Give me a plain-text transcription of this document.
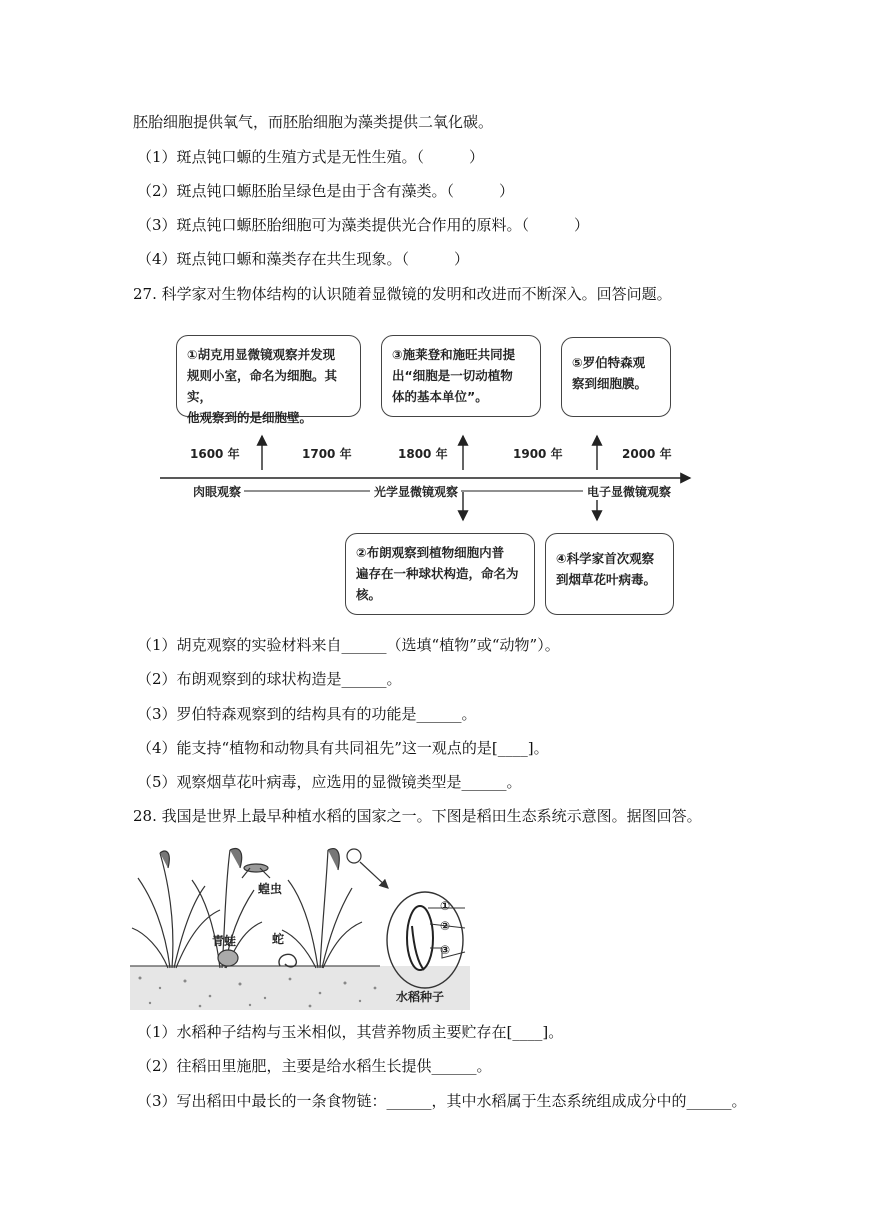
胚胎细胞提供氧气，而胚胎细胞为藻类提供二氧化碳。
（1）斑点钝口螈的生殖方式是无性生殖。（　　　）
（2）斑点钝口螈胚胎呈绿色是由于含有藻类。（　　　）
（3）斑点钝口螈胚胎细胞可为藻类提供光合作用的原料。（　　　）
（4）斑点钝口螈和藻类存在共生现象。（　　　）
27. 科学家对生物体结构的认识随着显微镜的发明和改进而不断深入。回答问题。
①胡克用显微镜观察并发现
规则小室，命名为细胞。其实，
他观察到的是细胞壁。
③施莱登和施旺共同提
出“细胞是一切动植物
体的基本单位”。
⑤罗伯特森观
察到细胞膜。
1600 年	1700 年	1800 年	1900 年	2000 年
肉眼观察	光学显微镜观察	电子显微镜观察
②布朗观察到植物细胞内普
遍存在一种球状构造，命名为
核。
④科学家首次观察
到烟草花叶病毒。
（1）胡克观察的实验材料来自______（选填“植物”或“动物”）。
（2）布朗观察到的球状构造是______。
（3）罗伯特森观察到的结构具有的功能是______。
（4）能支持“植物和动物具有共同祖先”这一观点的是[____]。
（5）观察烟草花叶病毒，应选用的显微镜类型是______。
28. 我国是世界上最早种植水稻的国家之一。下图是稻田生态系统示意图。据图回答。
蝗虫
青蛙	蛇
①
②
③
水稻种子
（1）水稻种子结构与玉米相似，其营养物质主要贮存在[____]。
（2）往稻田里施肥，主要是给水稻生长提供______。
（3）写出稻田中最长的一条食物链：______，其中水稻属于生态系统组成成分中的______。
